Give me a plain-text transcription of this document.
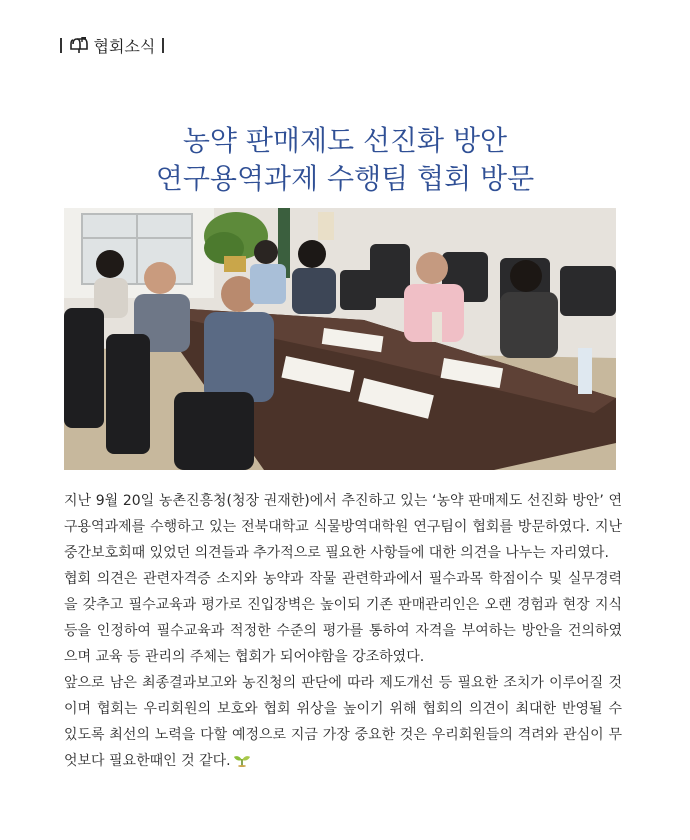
협회소식
농약 판매제도 선진화 방안
연구용역과제 수행팀 협회 방문

지난 9월 20일 농촌진흥청(청장 권재한)에서 추진하고 있는 ‘농약 판매제도 선진화 방안’ 연구용역과제를 수행하고 있는 전북대학교 식물방역대학원 연구팀이 협회를 방문하였다. 지난 중간보호회때 있었던 의견들과 추가적으로 필요한 사항들에 대한 의견을 나누는 자리였다.

협회 의견은 관련자격증 소지와 농약과 작물 관련학과에서 필수과목 학점이수 및 실무경력을 갖추고 필수교육과 평가로 진입장벽은 높이되 기존 판매관리인은 오랜 경험과 현장 지식 등을 인정하여 필수교육과 적정한 수준의 평가를 통하여 자격을 부여하는 방안을 건의하였으며 교육 등 관리의 주체는 협회가 되어야함을 강조하였다.

앞으로 남은 최종결과보고와 농진청의 판단에 따라 제도개선 등 필요한 조치가 이루어질 것이며 협회는 우리회원의 보호와 협회 위상을 높이기 위해 협회의 의견이 최대한 반영될 수 있도록 최선의 노력을 다할 예정으로 지금 가장 중요한 것은 우리회원들의 격려와 관심이 무엇보다 필요한때인 것 같다.
